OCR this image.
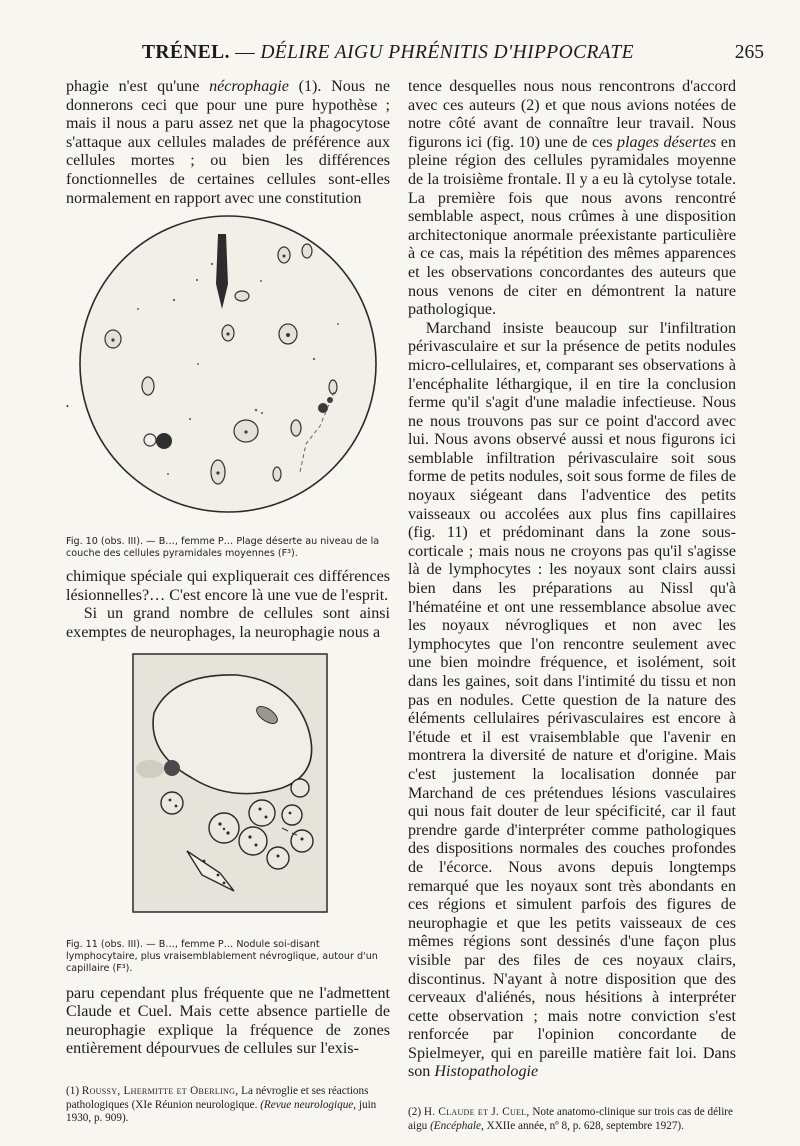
TRÉNEL. — DÉLIRE AIGU PHRÉNITIS D'HIPPOCRATE	265

phagie n'est qu'une nécrophagie (1). Nous ne donnerons ceci que pour une pure hypothèse ; mais il nous a paru assez net que la phagocytose s'attaque aux cellules malades de préférence aux cellules mortes ; ou bien les différences fonctionnelles de certaines cellules sont-elles normalement en rapport avec une constitution

•
Fig. 10 (obs. III). — B…, femme P… Plage déserte au niveau de la couche des cellules pyramidales moyennes (F³).

chimique spéciale qui expliquerait ces différences lésionnelles?… C'est encore là une vue de l'esprit.

Si un grand nombre de cellules sont ainsi exemptes de neurophages, la neurophagie nous a

Fig. 11 (obs. III). — B…, femme P… Nodule soi-disant lymphocytaire, plus vraisemblablement névroglique, autour d'un capillaire (F³).

paru cependant plus fréquente que ne l'admettent Claude et Cuel. Mais cette absence partielle de neurophagie explique la fréquence de zones entièrement dépourvues de cellules sur l'exis-

(1) Roussy, Lhermitte et Oberling, La névroglie et ses réactions pathologiques (XIe Réunion neurologique. (Revue neurologique, juin 1930, p. 909).

tence desquelles nous nous rencontrons d'accord avec ces auteurs (2) et que nous avions notées de notre côté avant de connaître leur travail. Nous figurons ici (fig. 10) une de ces plages désertes en pleine région des cellules pyramidales moyenne de la troisième frontale. Il y a eu là cytolyse totale. La première fois que nous avons rencontré semblable aspect, nous crûmes à une disposition architectonique anormale préexistante particulière à ce cas, mais la répétition des mêmes apparences et les observations concordantes des auteurs que nous venons de citer en démontrent la nature pathologique.

Marchand insiste beaucoup sur l'infiltration périvasculaire et sur la présence de petits nodules micro-cellulaires, et, comparant ses observations à l'encéphalite léthargique, il en tire la conclusion ferme qu'il s'agit d'une maladie infectieuse. Nous ne nous trouvons pas sur ce point d'accord avec lui. Nous avons observé aussi et nous figurons ici semblable infiltration périvasculaire soit sous forme de petits nodules, soit sous forme de files de noyaux siégeant dans l'adventice des petits vaisseaux ou accolées aux plus fins capillaires (fig. 11) et prédominant dans la zone sous-corticale ; mais nous ne croyons pas qu'il s'agisse là de lymphocytes : les noyaux sont clairs aussi bien dans les préparations au Nissl qu'à l'hématéine et ont une ressemblance absolue avec les noyaux névrogliques et non avec les lymphocytes que l'on rencontre seulement avec une bien moindre fréquence, et isolément, soit dans les gaines, soit dans l'intimité du tissu et non pas en nodules. Cette question de la nature des éléments cellulaires périvasculaires est encore à l'étude et il est vraisemblable que l'avenir en montrera la diversité de nature et d'origine. Mais c'est justement la localisation donnée par Marchand de ces prétendues lésions vasculaires qui nous fait douter de leur spécificité, car il faut prendre garde d'interpréter comme pathologiques des dispositions normales des couches profondes de l'écorce. Nous avons depuis longtemps remarqué que les noyaux sont très abondants en ces régions et simulent parfois des figures de neurophagie et que les petits vaisseaux de ces mêmes régions sont dessinés d'une façon plus visible par des files de ces noyaux clairs, discontinus. N'ayant à notre disposition que des cerveaux d'aliénés, nous hésitions à interpréter cette observation ; mais notre conviction s'est renforcée par l'opinion concordante de Spielmeyer, qui en pareille matière fait loi. Dans son Histopathologie

(2) H. Claude et J. Cuel, Note anatomo-clinique sur trois cas de délire aigu (Encéphale, XXIIe année, nº 8, p. 628, septembre 1927).
